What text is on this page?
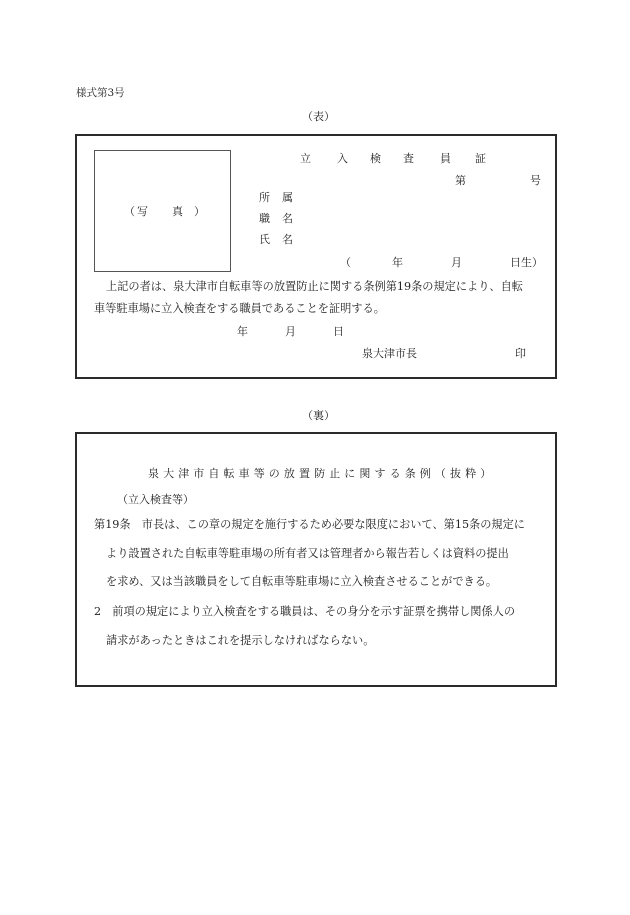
様式第3号
（表）
（ 写 真 ）
立 入 検 査 員 証
第	号
所 属
職 名
氏 名
（	年	月	日生）
上記の者は、泉大津市自転車等の放置防止に関する条例第19条の規定により、自転
車等駐車場に立入検査をする職員であることを証明する。
年	月	日
泉大津市長	印
（裏）
泉大津市自転車等の放置防止に関する条例（抜粋）
（立入検査等）
第19条　市長は、この章の規定を施行するため必要な限度において、第15条の規定に
より設置された自転車等駐車場の所有者又は管理者から報告若しくは資料の提出
を求め、又は当該職員をして自転車等駐車場に立入検査させることができる。
2　前項の規定により立入検査をする職員は、その身分を示す証票を携帯し関係人の
請求があったときはこれを提示しなければならない。
